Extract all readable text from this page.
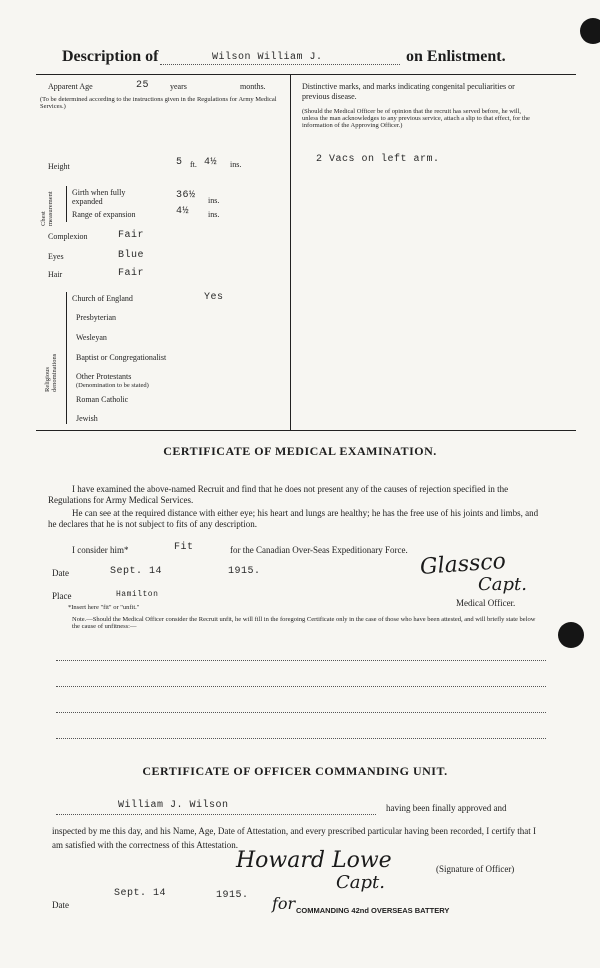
Description of	Wilson William J.	on Enlistment.
Apparent Age	25	years	months.
(To be determined according to the instructions given in the Regulations for Army Medical Services.)
Height	5 ft. 4½ ins.
Chest measurement Girth when fully expanded
36½ ins.
Range of expansion	4½ ins.
Complexion	Fair
Eyes	Blue
Hair	Fair
Religious denominations
Church of England	Yes
Presbyterian
Wesleyan
Baptist or Congregationalist
Other Protestants
(Denomination to be stated)
Roman Catholic
Jewish
Distinctive marks, and marks indicating congenital peculiarities or previous disease.
(Should the Medical Officer be of opinion that the recruit has served before, he will, unless the man acknowledges to any previous service, attach a slip to that effect, for the information of the Approving Officer.)
2 Vacs on left arm.
CERTIFICATE OF MEDICAL EXAMINATION.
I have examined the above-named Recruit and find that he does not present any of the causes of rejection specified in the Regulations for Army Medical Services.
He can see at the required distance with either eye; his heart and lungs are healthy; he has the free use of his joints and limbs, and he declares that he is not subject to fits of any description.
I consider him*	Fit	for the Canadian Over-Seas Expeditionary Force.
Date	Sept. 14	1915.
Place	Hamilton
Glassco
Capt.
Medical Officer.
*Insert here "fit" or "unfit."
Note.—Should the Medical Officer consider the Recruit unfit, he will fill in the foregoing Certificate only in the case of those who have been attested, and will briefly state below the cause of unfitness:—
CERTIFICATE OF OFFICER COMMANDING UNIT.
William J. Wilson	having been finally approved and
inspected by me this day, and his Name, Age, Date of Attestation, and every prescribed particular having been recorded, I certify that I am satisfied with the correctness of this Attestation.
Howard Lowe	(Signature of Officer)
Capt.
for COMMANDING 42nd OVERSEAS BATTERY
Date
Sept. 14	1915.
